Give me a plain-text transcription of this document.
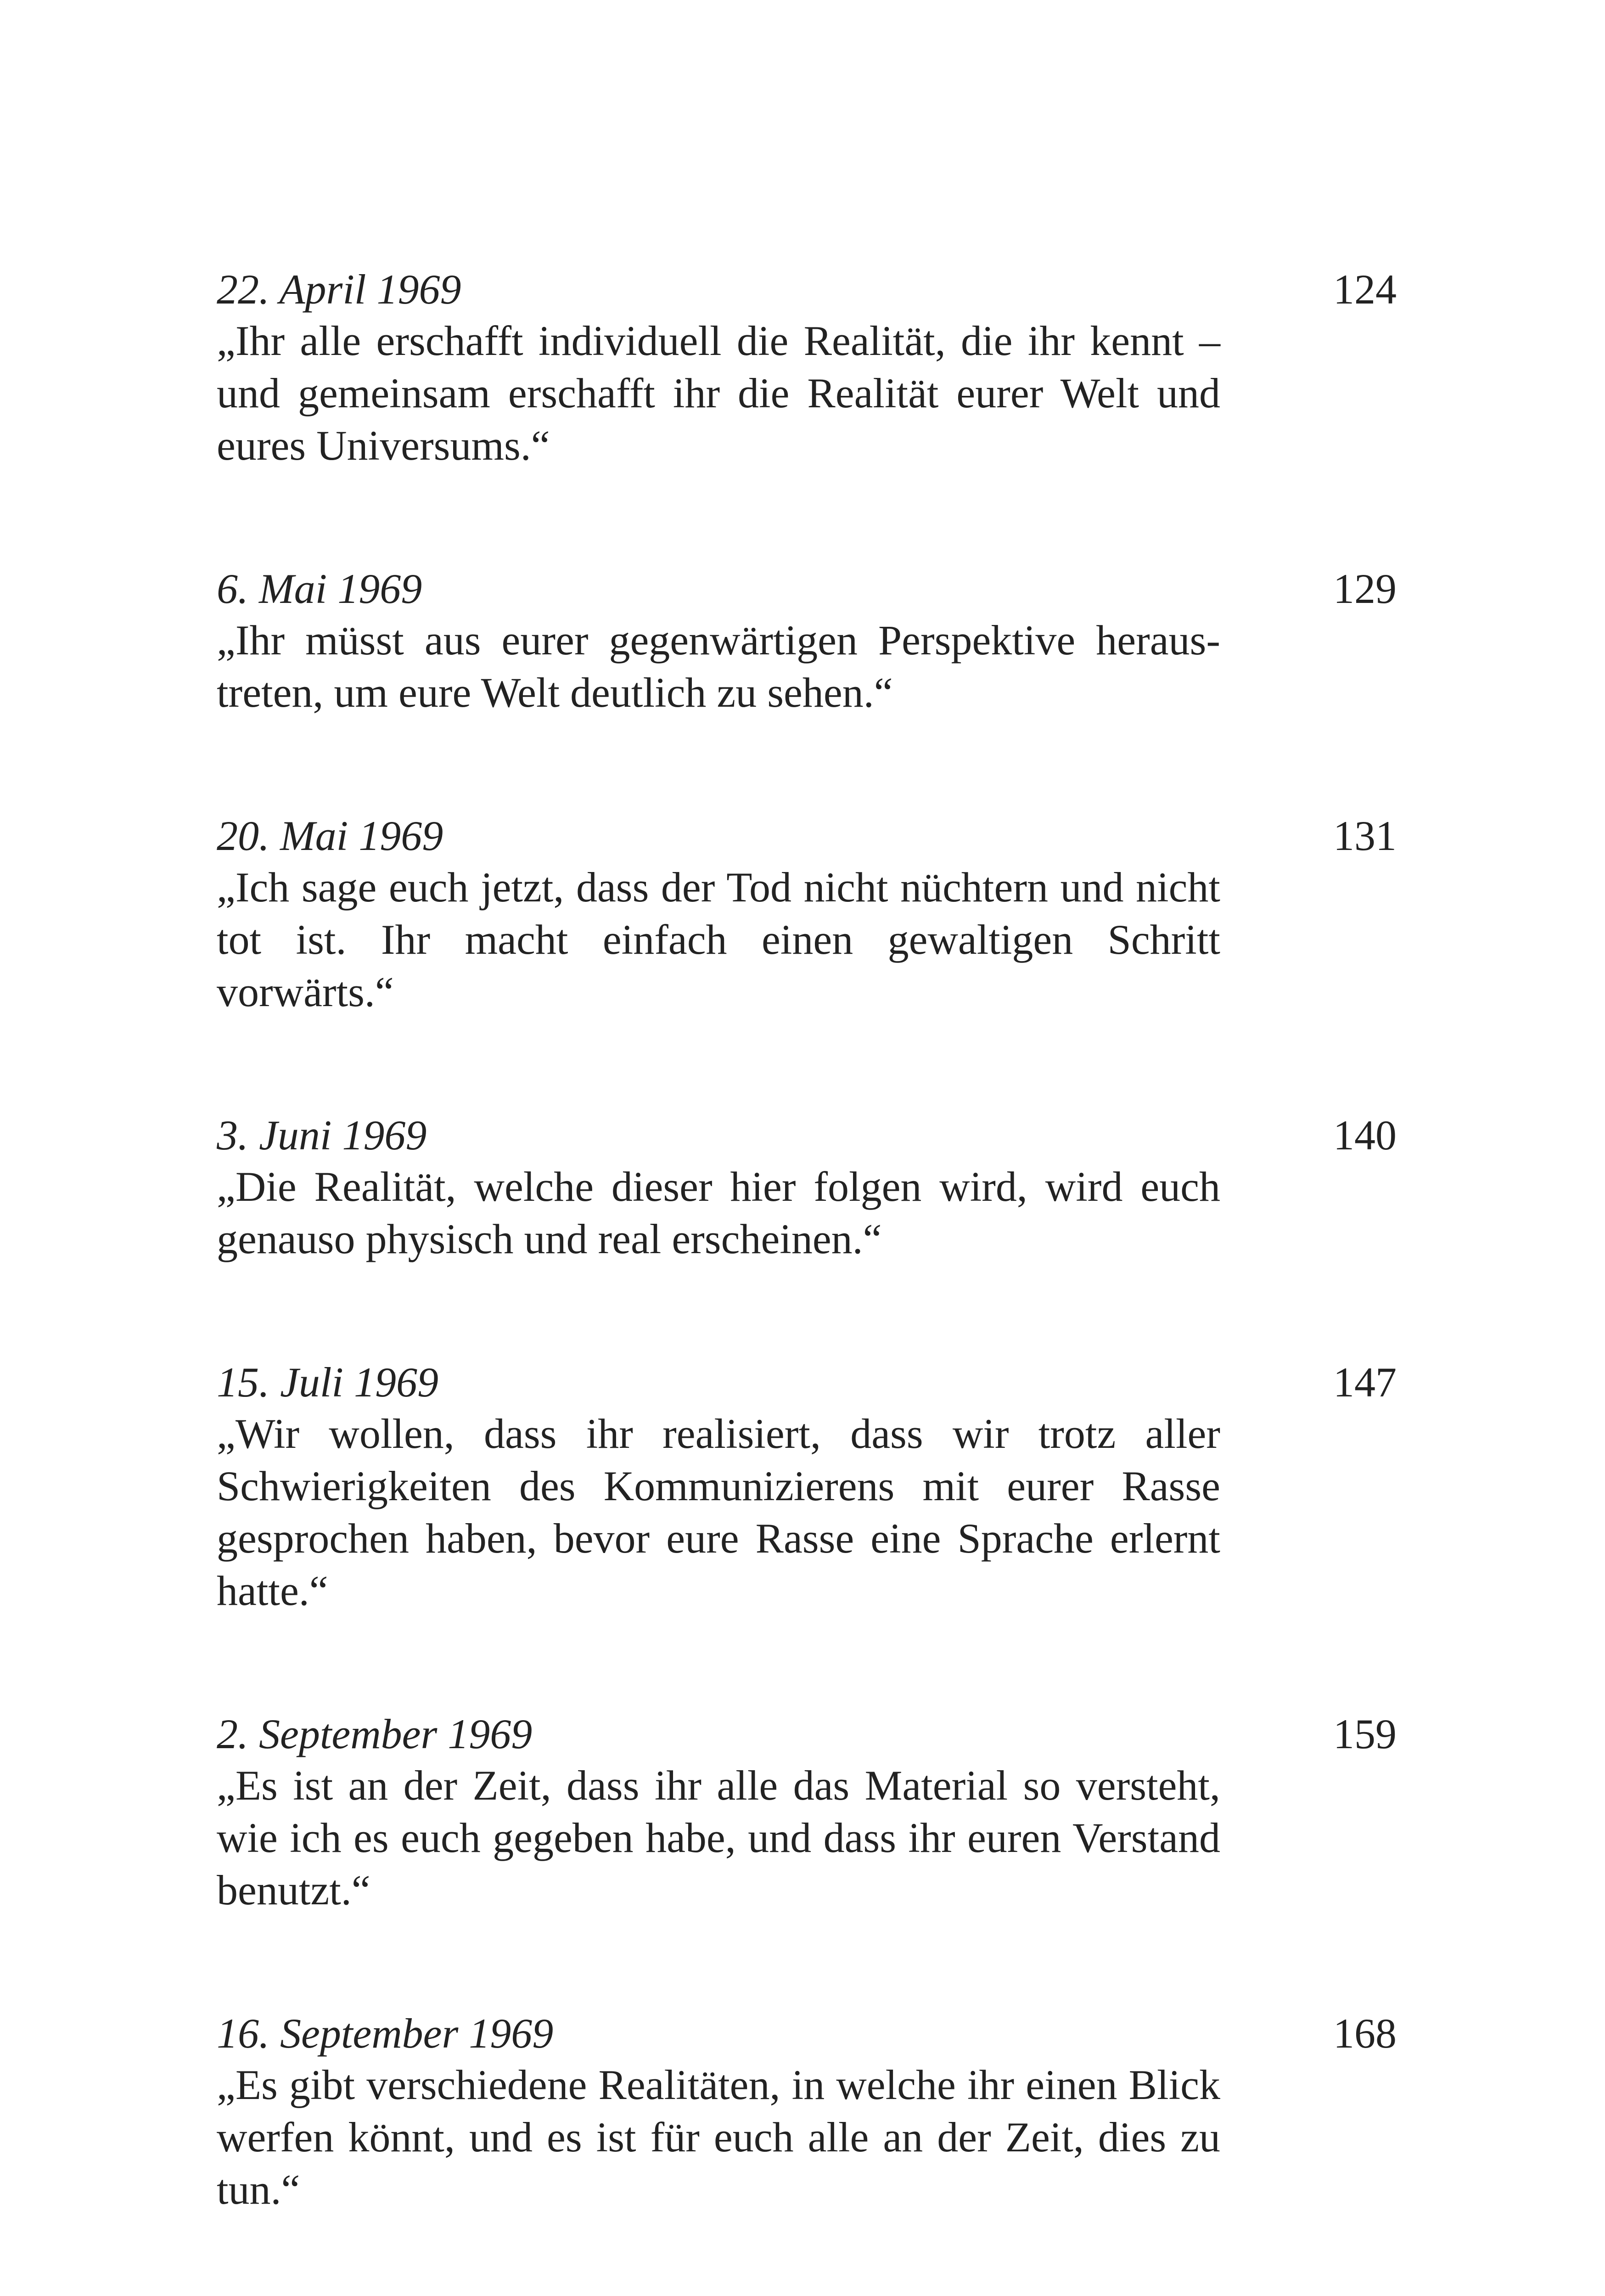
22. April 1969	124

„Ihr alle erschafft individuell die Realität, die ihr kennt – und gemeinsam erschafft ihr die Realität eurer Welt und eures Universums.“

6. Mai 1969	129

„Ihr müsst aus eurer gegenwärtigen Perspektive heraustreten, um eure Welt deutlich zu sehen.“

20. Mai 1969	131

„Ich sage euch jetzt, dass der Tod nicht nüchtern und nicht tot ist. Ihr macht einfach einen gewaltigen Schritt vorwärts.“

3. Juni 1969	140

„Die Realität, welche dieser hier folgen wird, wird euch genauso physisch und real erscheinen.“

15. Juli 1969	147

„Wir wollen, dass ihr realisiert, dass wir trotz aller Schwierigkeiten des Kommunizierens mit eurer Rasse gesprochen haben, bevor eure Rasse eine Sprache erlernt hatte.“

2. September 1969	159

„Es ist an der Zeit, dass ihr alle das Material so versteht, wie ich es euch gegeben habe, und dass ihr euren Verstand benutzt.“

16. September 1969	168

„Es gibt verschiedene Realitäten, in welche ihr einen Blick werfen könnt, und es ist für euch alle an der Zeit, dies zu tun.“
